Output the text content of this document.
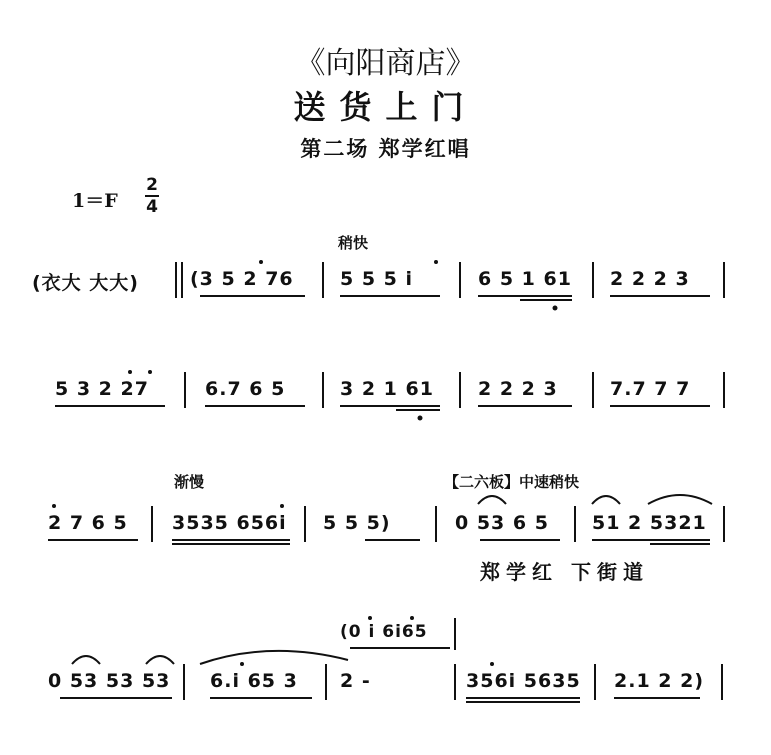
《向阳商店》
送货上门
第二场 郑学红唱
1＝F
2
4
稍快
渐慢	【二六板】中速稍快
(衣大 大大)	(3 5 2 76 5 5 5 i	6 5 1 61 2 2 2 3
5 3 2 27	6.7 6 5	3 2 1 61 2 2 2 3	7.7 7 7
2 7 6 5 3535 656i 5 5 5)	0 53 6 5 51 2 5321
郑学红 下街道
(0 i 6i65
0 53 53 53 6.i 65 3 2 -	356i 5635 2.1 2 2)
